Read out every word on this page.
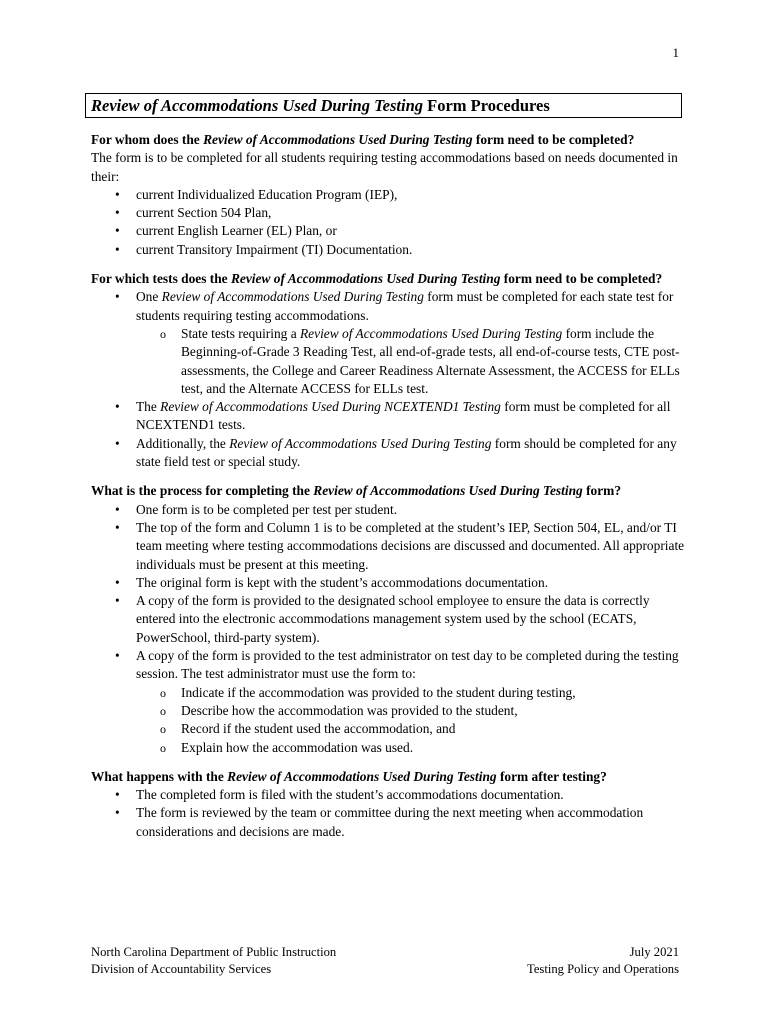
1
Review of Accommodations Used During Testing Form Procedures
For whom does the Review of Accommodations Used During Testing form need to be completed?
The form is to be completed for all students requiring testing accommodations based on needs documented in their:
• current Individualized Education Program (IEP),
• current Section 504 Plan,
• current English Learner (EL) Plan, or
• current Transitory Impairment (TI) Documentation.
For which tests does the Review of Accommodations Used During Testing form need to be completed?
• One Review of Accommodations Used During Testing form must be completed for each state test for students requiring testing accommodations.
o State tests requiring a Review of Accommodations Used During Testing form include the Beginning-of-Grade 3 Reading Test, all end-of-grade tests, all end-of-course tests, CTE post-assessments, the College and Career Readiness Alternate Assessment, the ACCESS for ELLs test, and the Alternate ACCESS for ELLs test.
• The Review of Accommodations Used During NCEXTEND1 Testing form must be completed for all NCEXTEND1 tests.
• Additionally, the Review of Accommodations Used During Testing form should be completed for any state field test or special study.
What is the process for completing the Review of Accommodations Used During Testing form?
• One form is to be completed per test per student.
• The top of the form and Column 1 is to be completed at the student’s IEP, Section 504, EL, and/or TI team meeting where testing accommodations decisions are discussed and documented. All appropriate individuals must be present at this meeting.
• The original form is kept with the student’s accommodations documentation.
• A copy of the form is provided to the designated school employee to ensure the data is correctly entered into the electronic accommodations management system used by the school (ECATS, PowerSchool, third-party system).
• A copy of the form is provided to the test administrator on test day to be completed during the testing session. The test administrator must use the form to:
o Indicate if the accommodation was provided to the student during testing,
o Describe how the accommodation was provided to the student,
o Record if the student used the accommodation, and
o Explain how the accommodation was used.
What happens with the Review of Accommodations Used During Testing form after testing?
• The completed form is filed with the student’s accommodations documentation.
• The form is reviewed by the team or committee during the next meeting when accommodation considerations and decisions are made.
North Carolina Department of Public Instruction
Division of Accountability Services
July 2021
Testing Policy and Operations
